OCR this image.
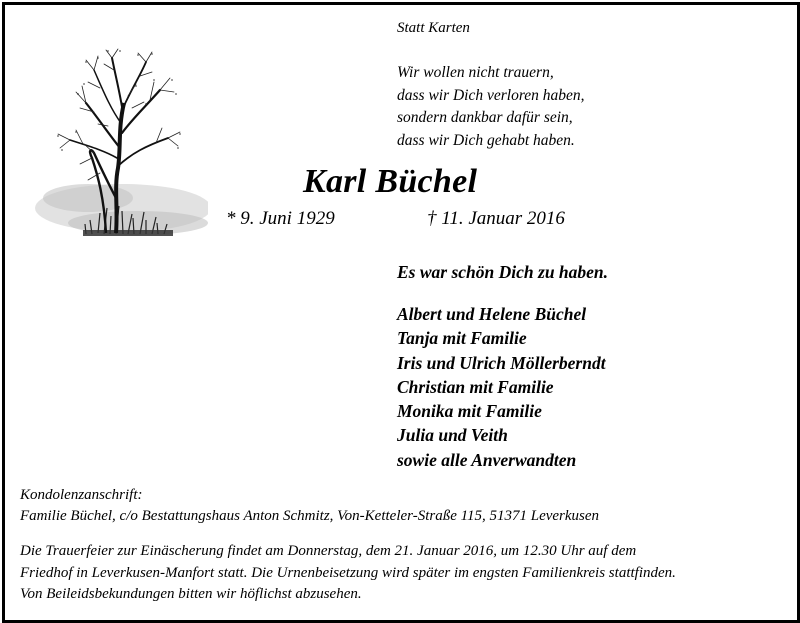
Statt Karten
Wir wollen nicht trauern,
dass wir Dich verloren haben,
sondern dankbar dafür sein,
dass wir Dich gehabt haben.
Karl Büchel
* 9. Juni 1929	† 11. Januar 2016
Es war schön Dich zu haben.
Albert und Helene Büchel
Tanja mit Familie
Iris und Ulrich Möllerberndt
Christian mit Familie
Monika mit Familie
Julia und Veith
sowie alle Anverwandten
Kondolenzanschrift:
Familie Büchel, c/o Bestattungshaus Anton Schmitz, Von-Ketteler-Straße 115, 51371 Leverkusen
Die Trauerfeier zur Einäscherung findet am Donnerstag, dem 21. Januar 2016, um 12.30 Uhr auf dem
Friedhof in Leverkusen-Manfort statt. Die Urnenbeisetzung wird später im engsten Familienkreis stattfinden.
Von Beileidsbekundungen bitten wir höflichst abzusehen.
